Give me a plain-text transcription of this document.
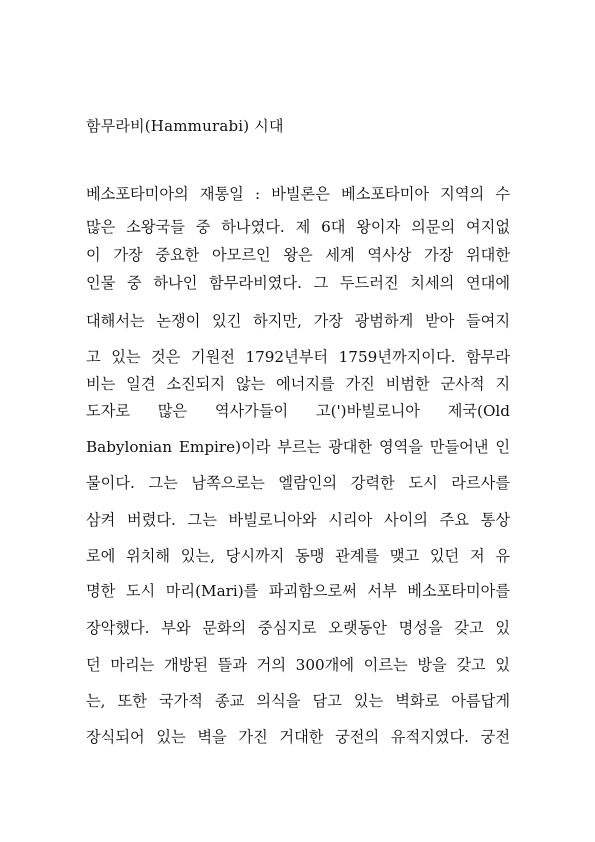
함무라비(Hammurabi) 시대
베소포타미아의 재통일 : 바빌론은 베소포타미아 지역의 수
많은 소왕국들 중 하나였다. 제 6대 왕이자 의문의 여지없
이 가장 중요한 아모르인 왕은 세계 역사상 가장 위대한
인물 중 하나인 함무라비였다. 그 두드러진 치세의 연대에
대해서는 논쟁이 있긴 하지만, 가장 광범하게 받아 들여지
고 있는 것은 기원전 1792년부터 1759년까지이다. 함무라
비는 일견 소진되지 않는 에너지를 가진 비범한 군사적 지
도자로 많은 역사가들이 고(')바빌로니아 제국(Old
Babylonian Empire)이라 부르는 광대한 영역을 만들어낸 인
물이다. 그는 남쪽으로는 엘람인의 강력한 도시 라르사를
삼켜 버렸다. 그는 바빌로니아와 시리아 사이의 주요 통상
로에 위치해 있는, 당시까지 동맹 관계를 맺고 있던 저 유
명한 도시 마리(Mari)를 파괴함으로써 서부 베소포타미아를
장악했다. 부와 문화의 중심지로 오랫동안 명성을 갖고 있
던 마리는 개방된 뜰과 거의 300개에 이르는 방을 갖고 있
는, 또한 국가적 종교 의식을 담고 있는 벽화로 아름답게
장식되어 있는 벽을 가진 거대한 궁전의 유적지였다. 궁전
